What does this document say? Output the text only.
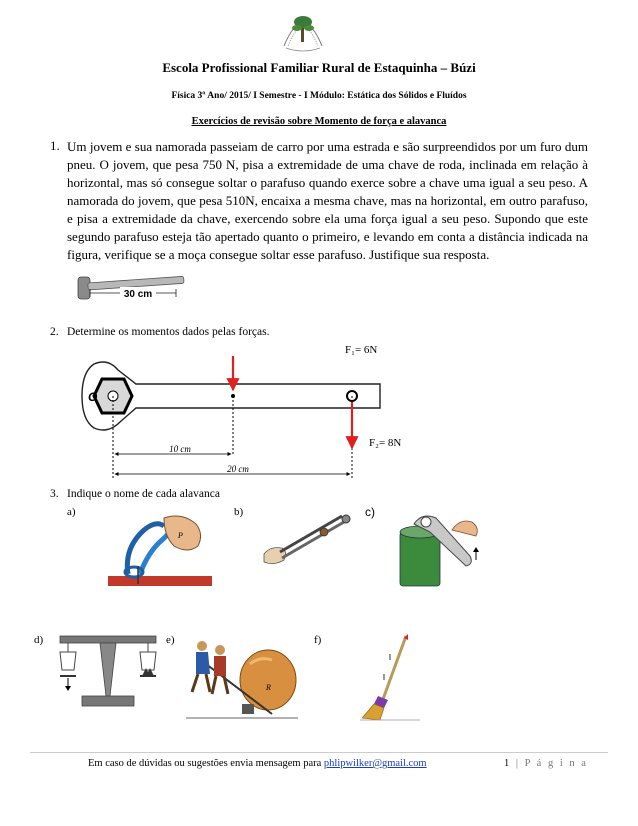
Escola Profissional Familiar Rural de Estaquinha – Búzi
Física 3º Ano/ 2015/ I Semestre - I Módulo: Estática dos Sólidos e Fluídos
Exercícios de revisão sobre Momento de força e alavanca
1. Um jovem e sua namorada passeiam de carro por uma estrada e são surpreendidos por um furo dum pneu. O jovem, que pesa 750 N, pisa a extremidade de uma chave de roda, inclinada em relação à horizontal, mas só consegue soltar o parafuso quando exerce sobre a chave uma igual a seu peso. A namorada do jovem, que pesa 510N, encaixa a mesma chave, mas na horizontal, em outro parafuso, e pisa a extremidade da chave, exercendo sobre ela uma força igual a seu peso. Supondo que este segundo parafuso esteja tão apertado quanto o primeiro, e levando em conta a distância indicada na figura, verifique se a moça consegue soltar esse parafuso. Justifique sua resposta.
30 cm
2. Determine os momentos dados pelas forças.
F₁= 6N
F₂= 8N
O
10 cm
20 cm
3. Indique o nome de cada alavanca
a)	b)	c)
d)	e)	f)
P
R
Em caso de dúvidas ou sugestões envia mensagem para phlipwilker@gmail.com	1 | P á g i n a
